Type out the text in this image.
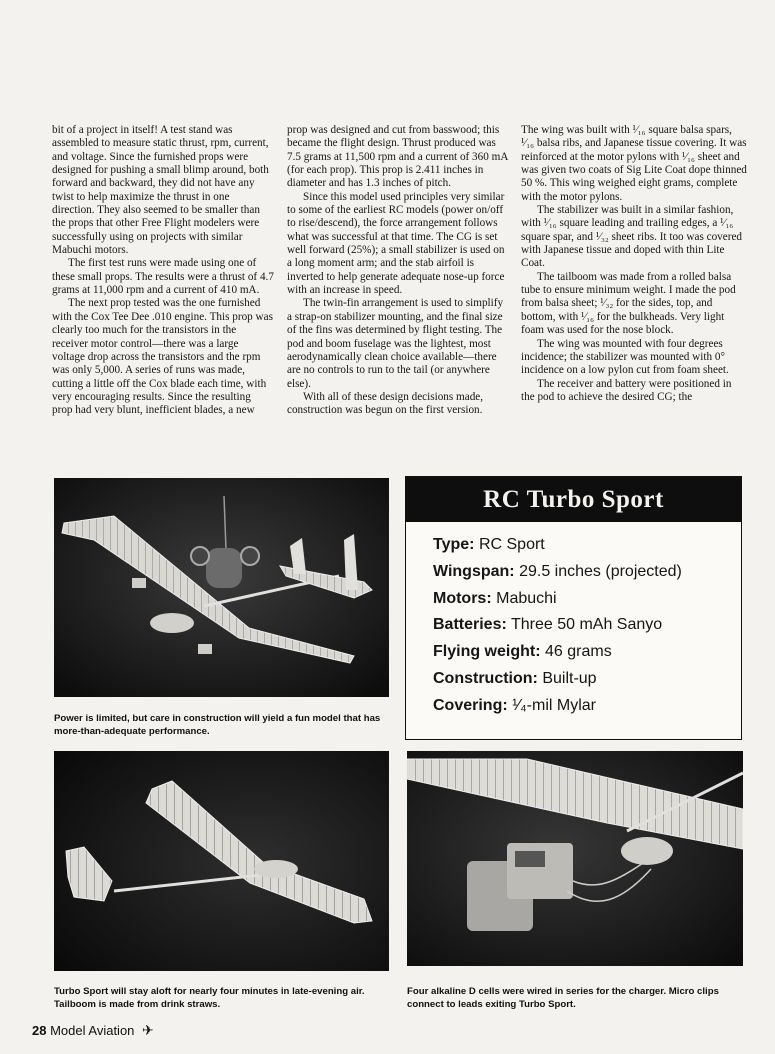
bit of a project in itself! A test stand was assembled to measure static thrust, rpm, current, and voltage. Since the furnished props were designed for pushing a small blimp around, both forward and backward, they did not have any twist to help maximize the thrust in one direction. They also seemed to be smaller than the props that other Free Flight modelers were successfully using on projects with similar Mabuchi motors.

The first test runs were made using one of these small props. The results were a thrust of 4.7 grams at 11,000 rpm and a current of 410 mA.

The next prop tested was the one furnished with the Cox Tee Dee .010 engine. This prop was clearly too much for the transistors in the receiver motor control—there was a large voltage drop across the transistors and the rpm was only 5,000. A series of runs was made, cutting a little off the Cox blade each time, with very encouraging results. Since the resulting prop had very blunt, inefficient blades, a new

prop was designed and cut from basswood; this became the flight design. Thrust produced was 7.5 grams at 11,500 rpm and a current of 360 mA (for each prop). This prop is 2.411 inches in diameter and has 1.3 inches of pitch.

Since this model used principles very similar to some of the earliest RC models (power on/off to rise/descend), the force arrangement follows what was successful at that time. The CG is set well forward (25%); a small stabilizer is used on a long moment arm; and the stab airfoil is inverted to help generate adequate nose-up force with an increase in speed.

The twin-fin arrangement is used to simplify a strap-on stabilizer mounting, and the final size of the fins was determined by flight testing. The pod and boom fuselage was the lightest, most aerodynamically clean choice available—there are no controls to run to the tail (or anywhere else).

With all of these design decisions made, construction was begun on the first version.

The wing was built with ¹⁄₁₆ square balsa spars, ¹⁄₁₆ balsa ribs, and Japanese tissue covering. It was reinforced at the motor pylons with ¹⁄₁₆ sheet and was given two coats of Sig Lite Coat dope thinned 50 %. This wing weighed eight grams, complete with the motor pylons.

The stabilizer was built in a similar fashion, with ¹⁄₁₆ square leading and trailing edges, a ¹⁄₁₆ square spar, and ¹⁄₃₂ sheet ribs. It too was covered with Japanese tissue and doped with thin Lite Coat.

The tailboom was made from a rolled balsa tube to ensure minimum weight. I made the pod from balsa sheet; ¹⁄₃₂ for the sides, top, and bottom, with ¹⁄₁₆ for the bulkheads. Very light foam was used for the nose block.

The wing was mounted with four degrees incidence; the stabilizer was mounted with 0° incidence on a low pylon cut from foam sheet.

The receiver and battery were positioned in the pod to achieve the desired CG; the

Power is limited, but care in construction will yield a fun model that has more-than-adequate performance.
RC Turbo Sport
Type: RC Sport
Wingspan: 29.5 inches (projected)
Motors: Mabuchi
Batteries: Three 50 mAh Sanyo
Flying weight: 46 grams
Construction: Built-up
Covering: ¹⁄₄-mil Mylar
Turbo Sport will stay aloft for nearly four minutes in late-evening air. Tailboom is made from drink straws.
Four alkaline D cells were wired in series for the charger. Micro clips connect to leads exiting Turbo Sport.
28 Model Aviation ✈
